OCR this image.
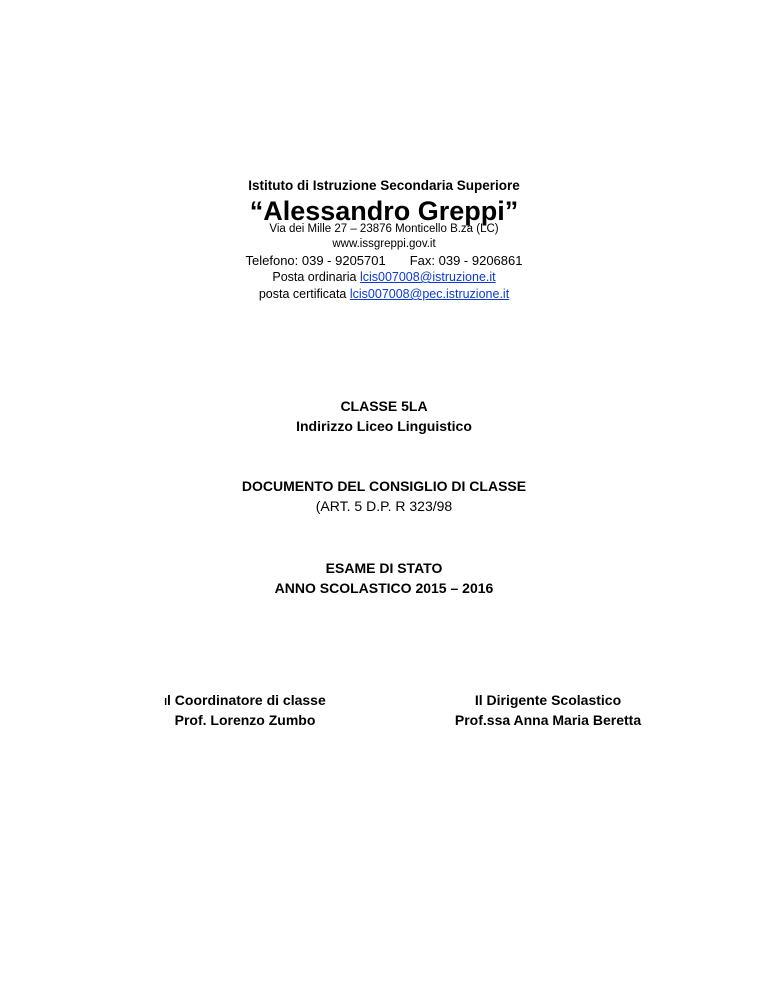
Istituto di Istruzione Secondaria Superiore
“Alessandro Greppi”
Via dei Mille 27 – 23876 Monticello B.za (LC)
www.issgreppi.gov.it
Telefono: 039 - 9205701 Fax: 039 - 9206861
Posta ordinaria lcis007008@istruzione.it
posta certificata lcis007008@pec.istruzione.it
CLASSE 5LA
Indirizzo Liceo Linguistico
DOCUMENTO DEL CONSIGLIO DI CLASSE
(ART. 5 D.P. R 323/98
ESAME DI STATO
ANNO SCOLASTICO 2015 – 2016
Il Coordinatore di classe
Prof. Lorenzo Zumbo
Il Dirigente Scolastico
Prof.ssa Anna Maria Beretta
